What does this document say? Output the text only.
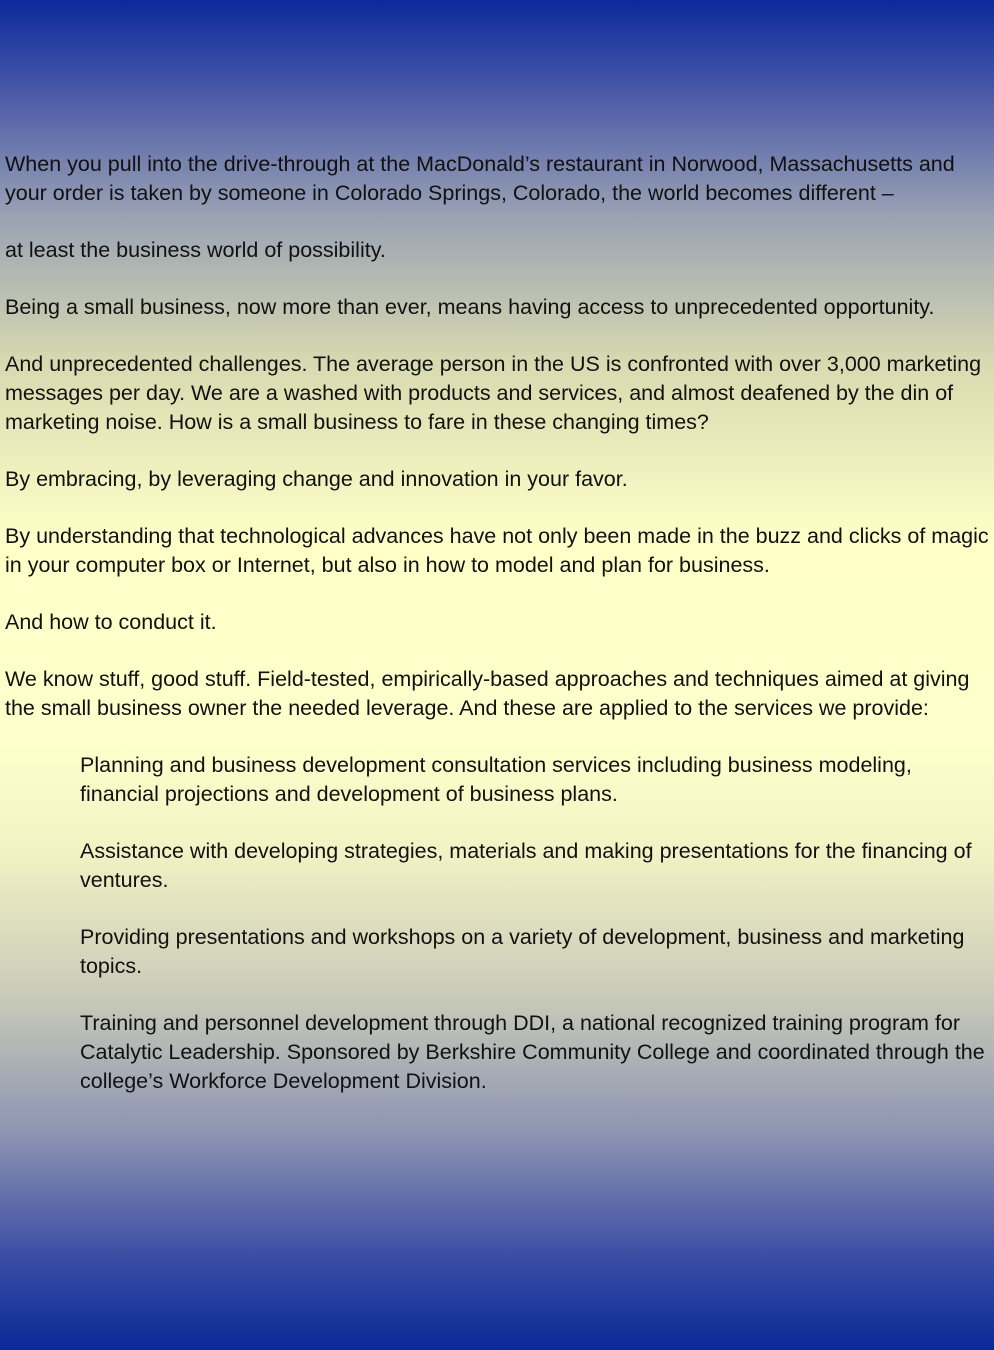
When you pull into the drive-through at the MacDonald’s restaurant in Norwood, Massachusetts and your order is taken by someone in Colorado Springs, Colorado, the world becomes different –

at least the business world of possibility.

Being a small business, now more than ever, means having access to unprecedented opportunity.

And unprecedented challenges. The average person in the US is confronted with over 3,000 marketing messages per day. We are a washed with products and services, and almost deafened by the din of marketing noise. How is a small business to fare in these changing times?

By embracing, by leveraging change and innovation in your favor.

By understanding that technological advances have not only been made in the buzz and clicks of magic in your computer box or Internet, but also in how to model and plan for business.

And how to conduct it.

We know stuff, good stuff. Field-tested, empirically-based approaches and techniques aimed at giving the small business owner the needed leverage. And these are applied to the services we provide:

Planning and business development consultation services including business modeling, financial projections and development of business plans.

Assistance with developing strategies, materials and making presentations for the financing of ventures.

Providing presentations and workshops on a variety of development, business and marketing topics.

Training and personnel development through DDI, a national recognized training program for Catalytic Leadership. Sponsored by Berkshire Community College and coordinated through the college’s Workforce Development Division.
